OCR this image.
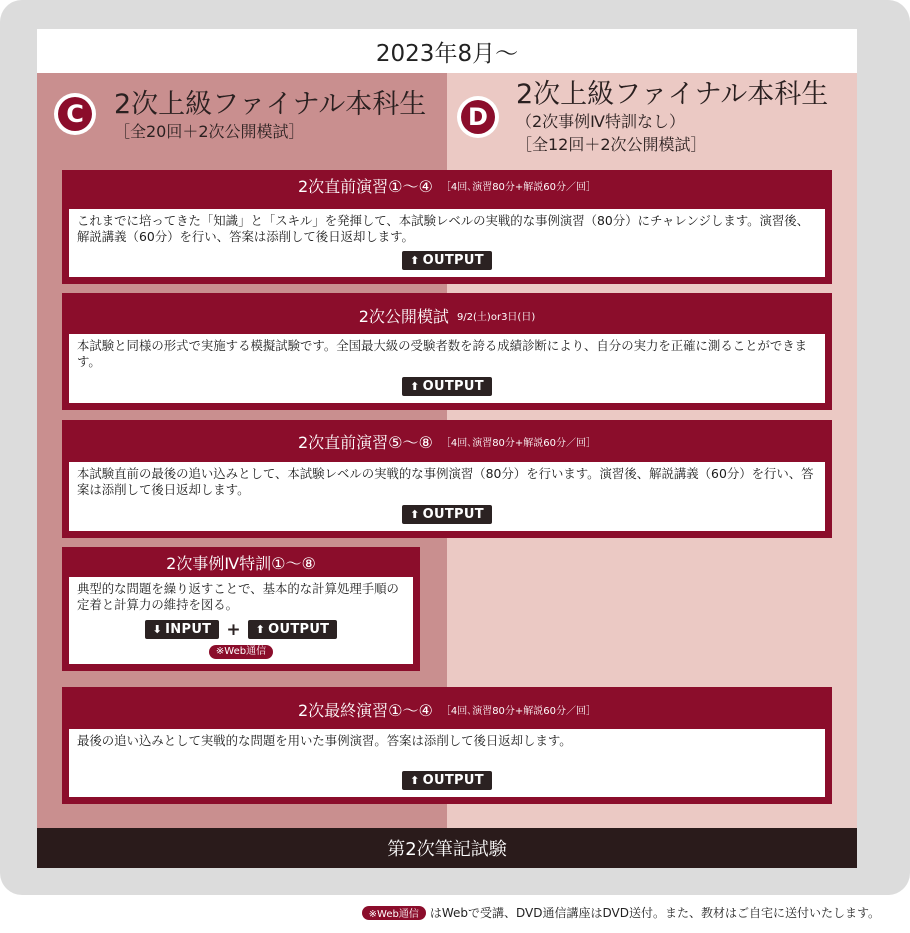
2023年8月～
C	2次上級ファイナル本科生
［全20回＋2次公開模試］
D
2次上級ファイナル本科生
（2次事例Ⅳ特訓なし）
［全12回＋2次公開模試］
2次直前演習①～④ ［4回､演習80分+解説60分／回］
これまでに培ってきた「知識」と「スキル」を発揮して、本試験レベルの実戦的な事例演習（80分）にチャレンジします。演習後、解説講義（60分）を行い、答案は添削して後日返却します。
⬆ OUTPUT
2次公開模試 9/2(土)or3日(日)
本試験と同様の形式で実施する模擬試験です。全国最大級の受験者数を誇る成績診断により、自分の実力を正確に測ることができます。
⬆ OUTPUT
2次直前演習⑤～⑧ ［4回､演習80分+解説60分／回］
本試験直前の最後の追い込みとして、本試験レベルの実戦的な事例演習（80分）を行います。演習後、解説講義（60分）を行い、答案は添削して後日返却します。
⬆ OUTPUT
2次事例Ⅳ特訓①～⑧
典型的な問題を繰り返すことで、基本的な計算処理手順の定着と計算力の維持を図る。
⬇ INPUT + ⬆ OUTPUT
※Web通信
2次最終演習①～④ ［4回､演習80分+解説60分／回］
最後の追い込みとして実戦的な問題を用いた事例演習。答案は添削して後日返却します。
⬆ OUTPUT
第2次筆記試験
※Web通信 はWebで受講、DVD通信講座はDVD送付。また、教材はご自宅に送付いたします。
